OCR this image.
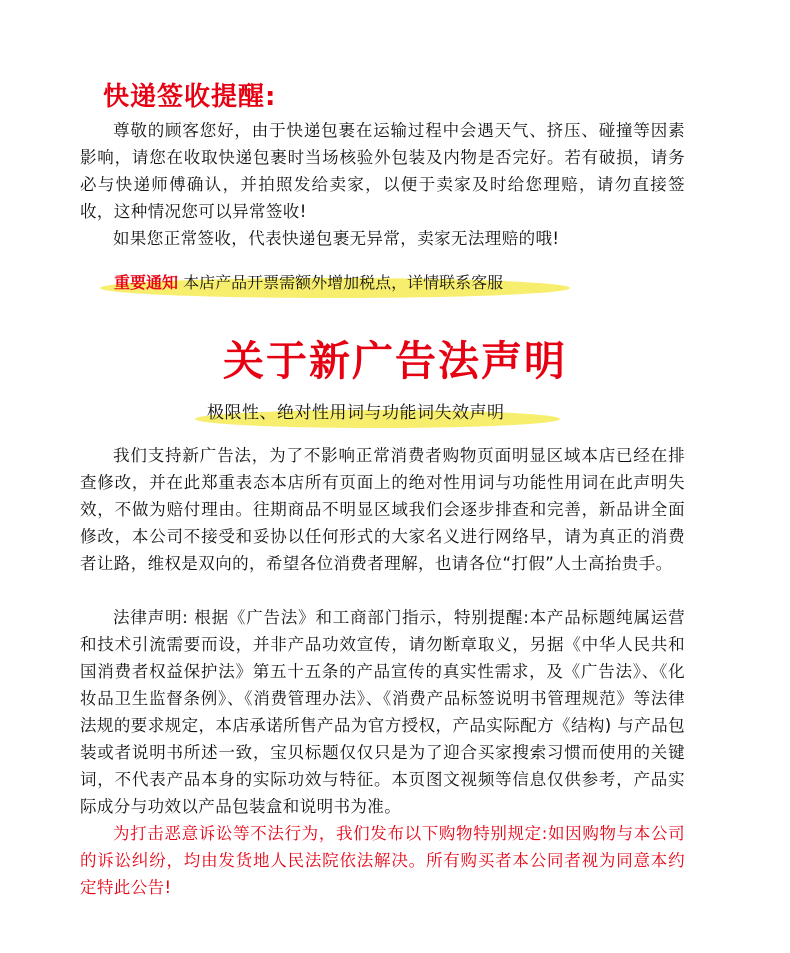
快递签收提醒:

尊敬的顾客您好，由于快递包裹在运输过程中会遇天气、挤压、碰撞等因素影响，请您在收取快递包裹时当场核验外包装及内物是否完好。若有破损，请务必与快递师傅确认，并拍照发给卖家，以便于卖家及时给您理赔，请勿直接签收，这种情况您可以异常签收!

如果您正常签收，代表快递包裹无异常，卖家无法理赔的哦!

重要通知 本店产品开票需额外增加税点，详情联系客服
关于新广告法声明
极限性、绝对性用词与功能词失效声明

我们支持新广告法，为了不影响正常消费者购物页面明显区域本店已经在排查修改，并在此郑重表态本店所有页面上的绝对性用词与功能性用词在此声明失效，不做为赔付理由。往期商品不明显区域我们会逐步排查和完善，新品讲全面修改，本公司不接受和妥协以任何形式的大家名义进行网络早，请为真正的消费者让路，维权是双向的，希望各位消费者理解，也请各位“打假”人士高抬贵手。

法律声明: 根据《广告法》和工商部门指示，特别提醒:本产品标题纯属运营和技术引流需要而设，并非产品功效宣传，请勿断章取义，另据《中华人民共和国消费者权益保护法》第五十五条的产品宣传的真实性需求，及《广告法》、《化妆品卫生监督条例》、《消费管理办法》、《消费产品标签说明书管理规范》等法律法规的要求规定，本店承诺所售产品为官方授权，产品实际配方《结构) 与产品包装或者说明书所述一致，宝贝标题仅仅只是为了迎合买家搜索习惯而使用的关键词，不代表产品本身的实际功效与特征。本页图文视频等信息仅供参考，产品实际成分与功效以产品包装盒和说明书为准。

为打击恶意诉讼等不法行为，我们发布以下购物特别规定:如因购物与本公司的诉讼纠纷，均由发货地人民法院依法解决。所有购买者本公同者视为同意本约定特此公告!
